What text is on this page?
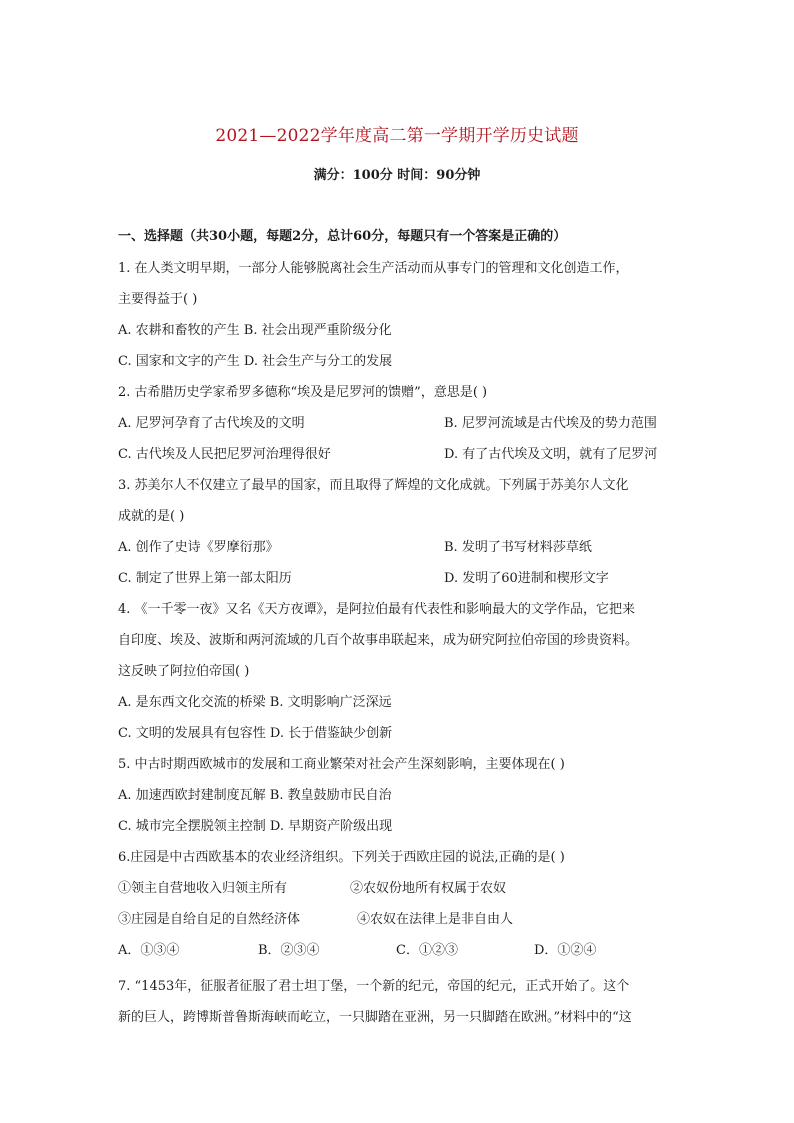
2021—2022学年度高二第一学期开学历史试题
满分：100分 时间：90分钟
一、选择题（共30小题，每题2分，总计60分，每题只有一个答案是正确的）
1. 在人类文明早期，一部分人能够脱离社会生产活动而从事专门的管理和文化创造工作，
主要得益于( )
A. 农耕和畜牧的产生 B. 社会出现严重阶级分化
C. 国家和文字的产生 D. 社会生产与分工的发展
2. 古希腊历史学家希罗多德称“埃及是尼罗河的馈赠”，意思是( )
A. 尼罗河孕育了古代埃及的文明	B. 尼罗河流域是古代埃及的势力范围
C. 古代埃及人民把尼罗河治理得很好	D. 有了古代埃及文明，就有了尼罗河
3. 苏美尔人不仅建立了最早的国家，而且取得了辉煌的文化成就。下列属于苏美尔人文化
成就的是( )
A. 创作了史诗《罗摩衍那》	B. 发明了书写材料莎草纸
C. 制定了世界上第一部太阳历	D. 发明了60进制和楔形文字
4. 《一千零一夜》又名《天方夜谭》，是阿拉伯最有代表性和影响最大的文学作品，它把来
自印度、埃及、波斯和两河流域的几百个故事串联起来，成为研究阿拉伯帝国的珍贵资料。
这反映了阿拉伯帝国( )
A. 是东西文化交流的桥梁 B. 文明影响广泛深远
C. 文明的发展具有包容性 D. 长于借鉴缺少创新
5. 中古时期西欧城市的发展和工商业繁荣对社会产生深刻影响，主要体现在( )
A. 加速西欧封建制度瓦解 B. 教皇鼓励市民自治
C. 城市完全摆脱领主控制 D. 早期资产阶级出现
6.庄园是中古西欧基本的农业经济组织。下列关于西欧庄园的说法,正确的是( )
①领主自营地收入归领主所有	②农奴份地所有权属于农奴
③庄园是自给自足的自然经济体	④农奴在法律上是非自由人
A．①③④	B．②③④	C．①②③	D．①②④
7. “1453年，征服者征服了君士坦丁堡，一个新的纪元，帝国的纪元，正式开始了。这个
新的巨人，跨博斯普鲁斯海峡而屹立，一只脚踏在亚洲，另一只脚踏在欧洲。”材料中的“这
